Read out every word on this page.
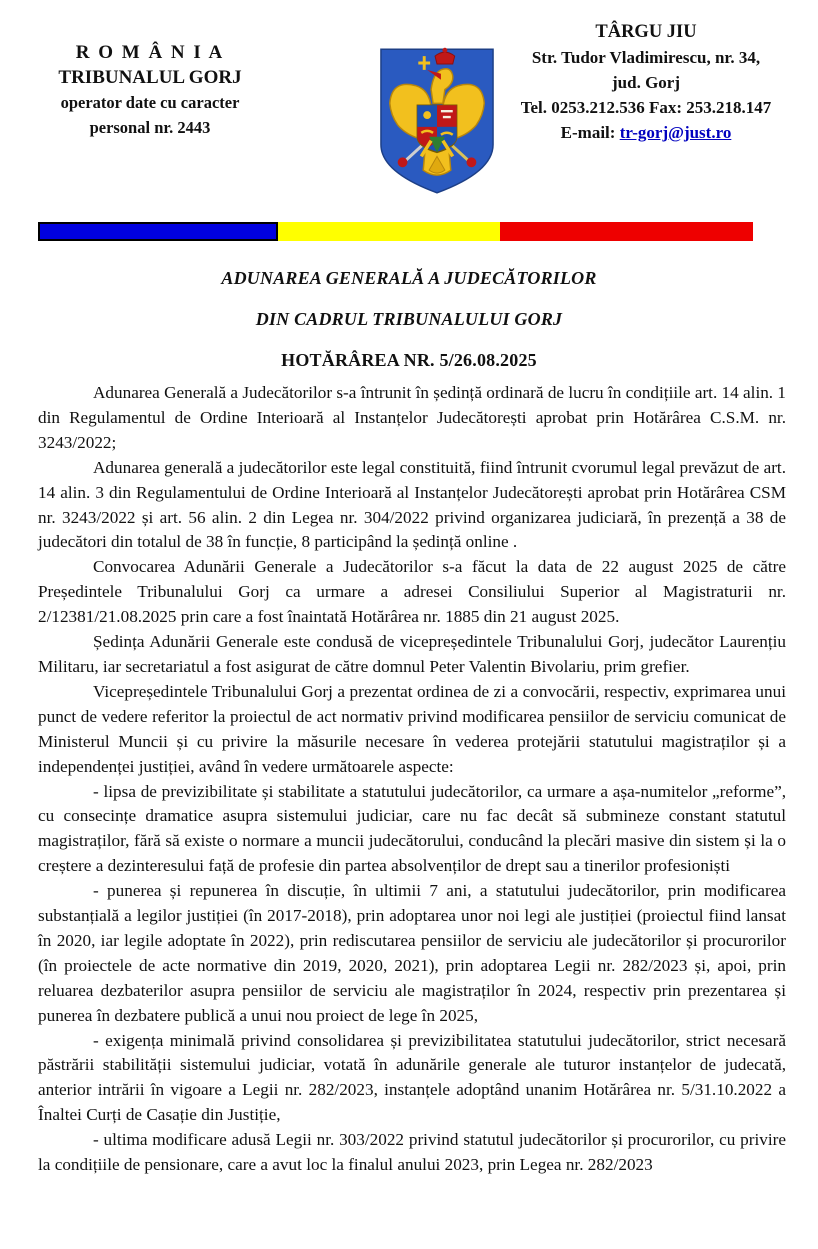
R O M Â N I A
TRIBUNALUL GORJ
operator date cu caracter
personal nr. 2443
TÂRGU JIU
Str. Tudor Vladimirescu, nr. 34,
jud. Gorj
Tel. 0253.212.536 Fax: 253.218.147
E-mail: tr-gorj@just.ro
ADUNAREA GENERALĂ A JUDECĂTORILOR
DIN CADRUL TRIBUNALULUI GORJ
HOTĂRÂREA NR. 5/26.08.2025

Adunarea Generală a Judecătorilor s-a întrunit în ședință ordinară de lucru în condițiile art. 14 alin. 1 din Regulamentul de Ordine Interioară al Instanțelor Judecătorești aprobat prin Hotărârea C.S.M. nr. 3243/2022;

Adunarea generală a judecătorilor este legal constituită, fiind întrunit cvorumul legal prevăzut de art. 14 alin. 3 din Regulamentului de Ordine Interioară al Instanțelor Judecătorești aprobat prin Hotărârea CSM nr. 3243/2022 și art. 56 alin. 2 din Legea nr. 304/2022 privind organizarea judiciară, în prezență a 38 de judecători din totalul de 38 în funcție, 8 participând la ședință online .

Convocarea Adunării Generale a Judecătorilor s-a făcut la data de 22 august 2025 de către Președintele Tribunalului Gorj ca urmare a adresei Consiliului Superior al Magistraturii nr. 2/12381/21.08.2025 prin care a fost înaintată Hotărârea nr. 1885 din 21 august 2025.

Ședința Adunării Generale este condusă de vicepreședintele Tribunalului Gorj, judecător Laurențiu Militaru, iar secretariatul a fost asigurat de către domnul Peter Valentin Bivolariu, prim grefier.

Vicepreședintele Tribunalului Gorj a prezentat ordinea de zi a convocării, respectiv, exprimarea unui punct de vedere referitor la proiectul de act normativ privind modificarea pensiilor de serviciu comunicat de Ministerul Muncii și cu privire la măsurile necesare în vederea protejării statutului magistraților și a independenței justiției, având în vedere următoarele aspecte:

- lipsa de previzibilitate și stabilitate a statutului judecătorilor, ca urmare a așa-numitelor „reforme”, cu consecințe dramatice asupra sistemului judiciar, care nu fac decât să submineze constant statutul magistraților, fără să existe o normare a muncii judecătorului, conducând la plecări masive din sistem și la o creștere a dezinteresului față de profesie din partea absolvenților de drept sau a tinerilor profesioniști

- punerea și repunerea în discuție, în ultimii 7 ani, a statutului judecătorilor, prin modificarea substanțială a legilor justiției (în 2017-2018), prin adoptarea unor noi legi ale justiției (proiectul fiind lansat în 2020, iar legile adoptate în 2022), prin rediscutarea pensiilor de serviciu ale judecătorilor și procurorilor (în proiectele de acte normative din 2019, 2020, 2021), prin adoptarea Legii nr. 282/2023 și, apoi, prin reluarea dezbaterilor asupra pensiilor de serviciu ale magistraților în 2024, respectiv prin prezentarea și punerea în dezbatere publică a unui nou proiect de lege în 2025,

- exigența minimală privind consolidarea și previzibilitatea statutului judecătorilor, strict necesară păstrării stabilității sistemului judiciar, votată în adunările generale ale tuturor instanțelor de judecată, anterior intrării în vigoare a Legii nr. 282/2023, instanțele adoptând unanim Hotărârea nr. 5/31.10.2022 a Înaltei Curți de Casație din Justiție,

- ultima modificare adusă Legii nr. 303/2022 privind statutul judecătorilor și procurorilor, cu privire la condițiile de pensionare, care a avut loc la finalul anului 2023, prin Legea nr. 282/2023
